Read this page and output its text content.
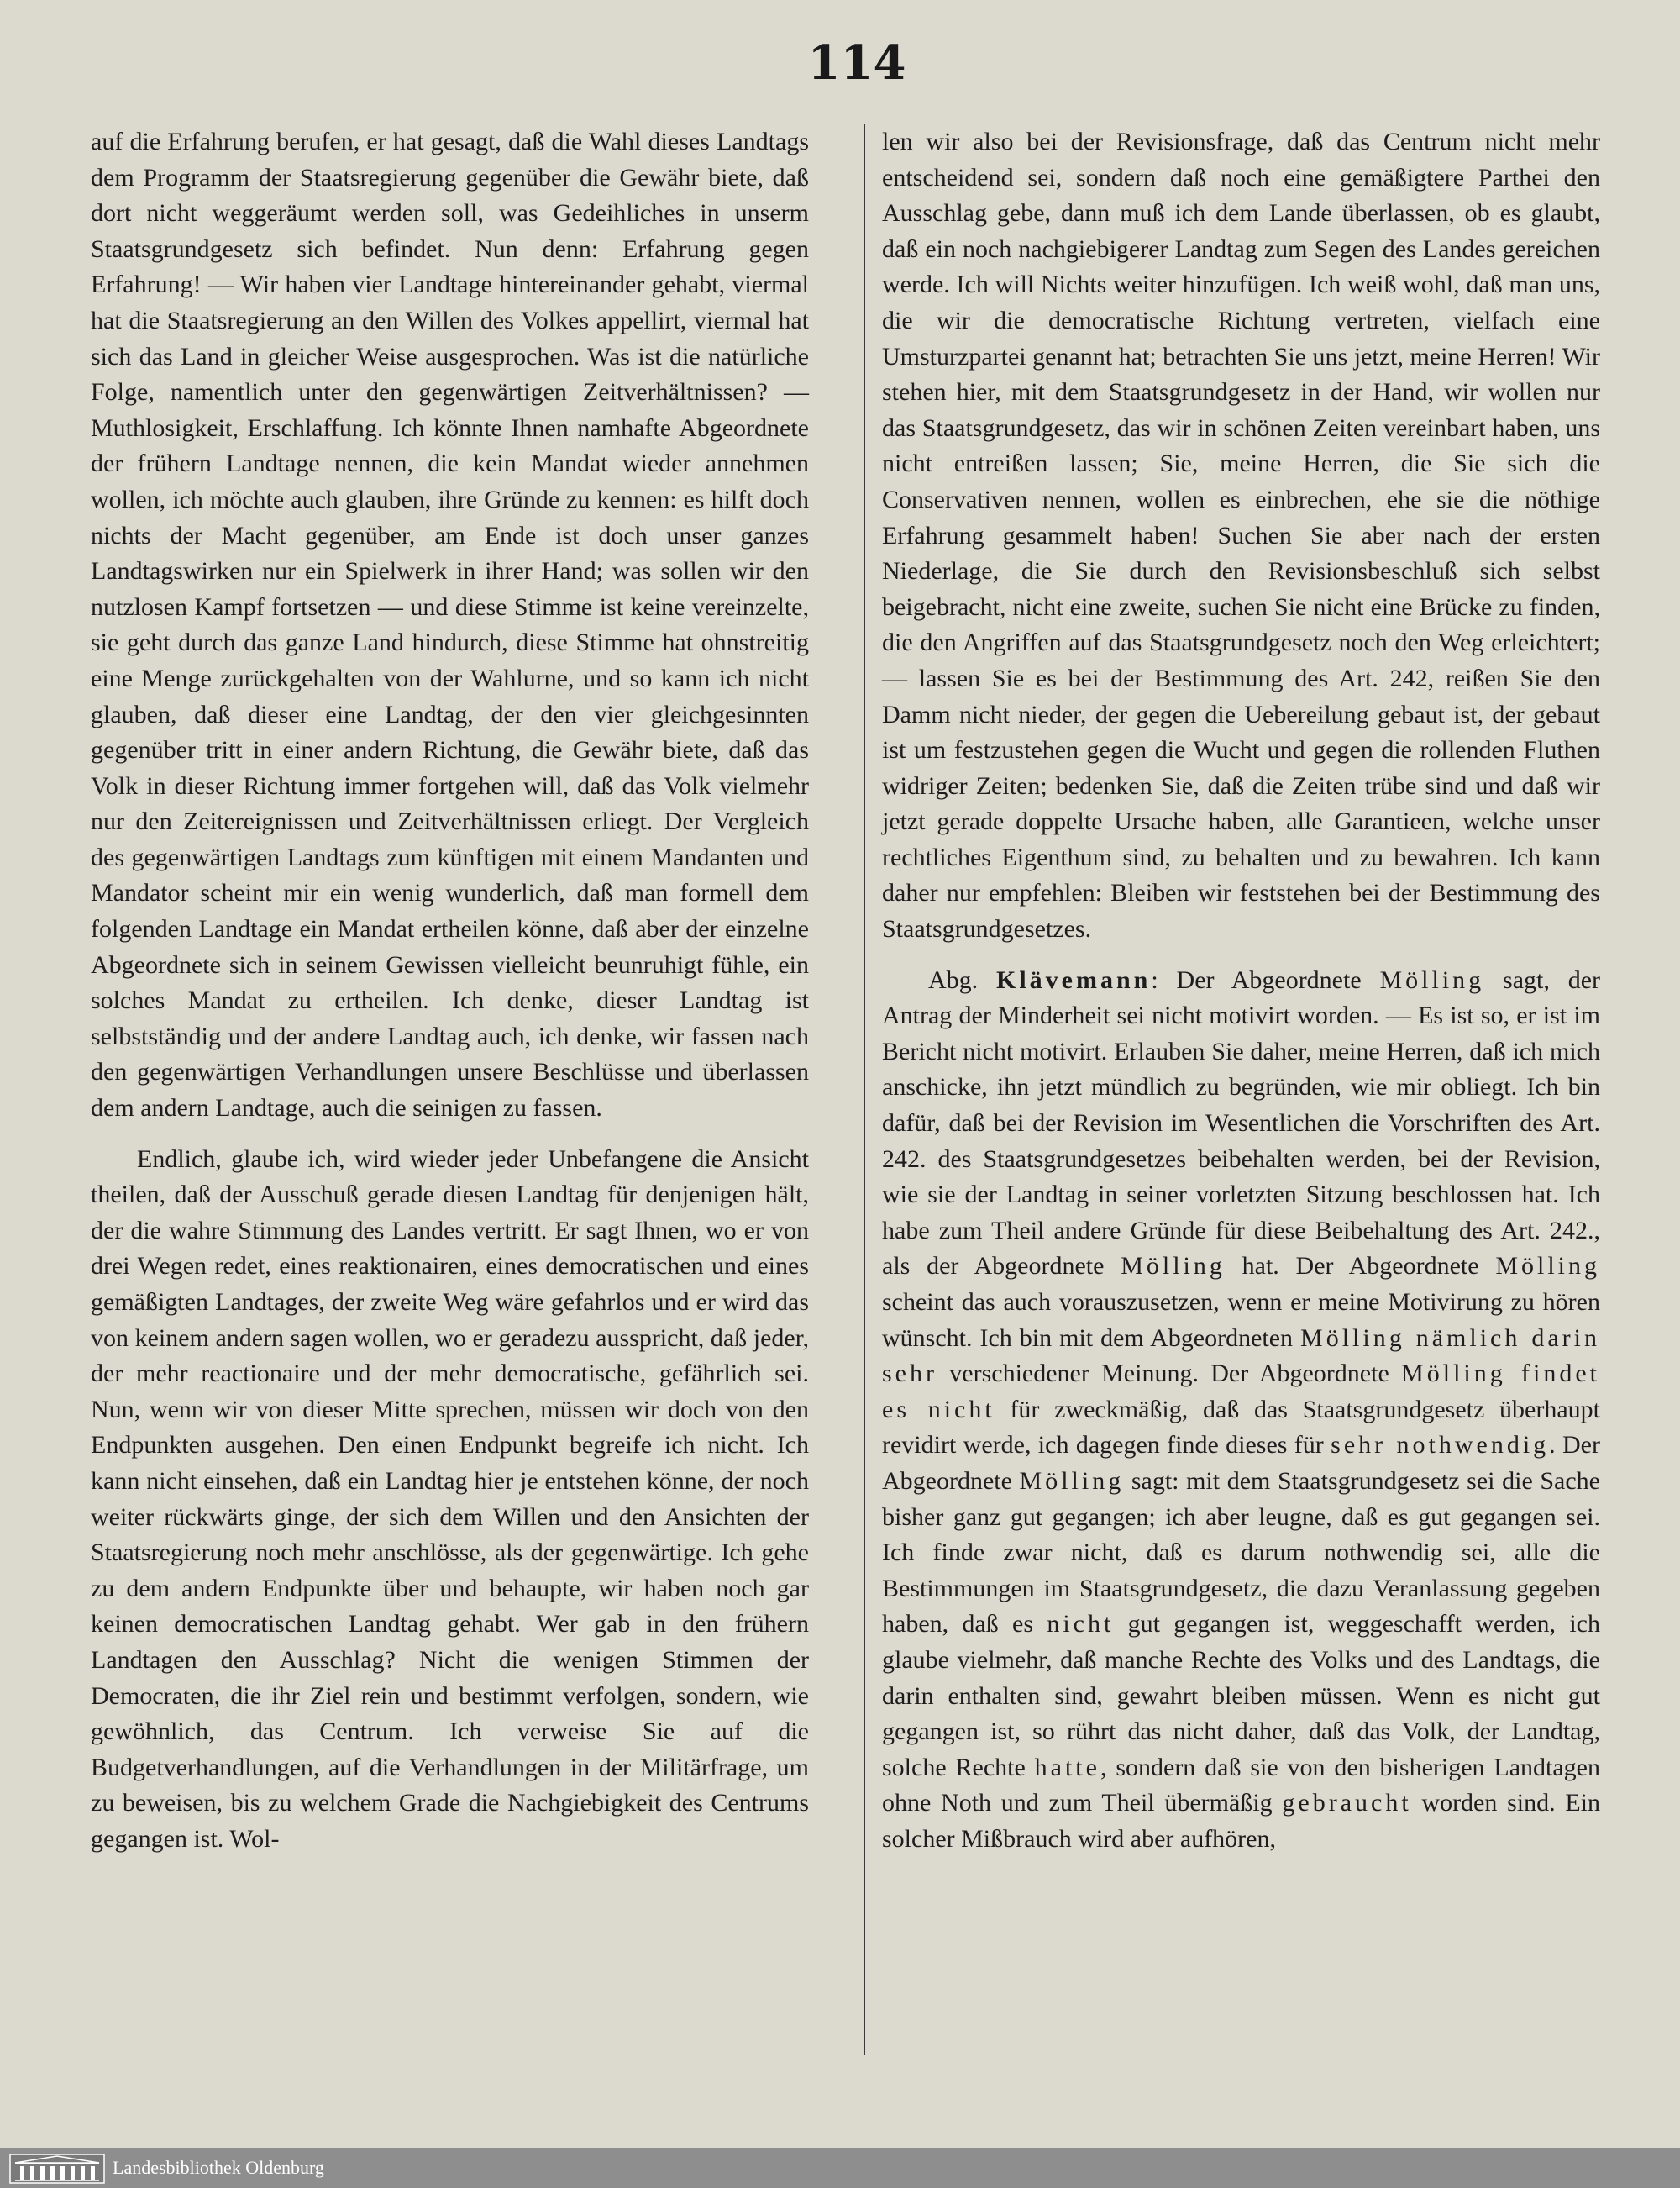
114

auf die Erfahrung berufen, er hat gesagt, daß die Wahl dieses Landtags dem Programm der Staatsregierung gegenüber die Gewähr biete, daß dort nicht weggeräumt werden soll, was Gedeihliches in unserm Staatsgrundgesetz sich befindet. Nun denn: Erfahrung gegen Erfahrung! — Wir haben vier Landtage hintereinander gehabt, viermal hat die Staatsregierung an den Willen des Volkes appellirt, viermal hat sich das Land in gleicher Weise ausgesprochen. Was ist die natürliche Folge, namentlich unter den gegenwärtigen Zeitverhältnissen? — Muthlosigkeit, Erschlaffung. Ich könnte Ihnen namhafte Abgeordnete der frühern Landtage nennen, die kein Mandat wieder annehmen wollen, ich möchte auch glauben, ihre Gründe zu kennen: es hilft doch nichts der Macht gegenüber, am Ende ist doch unser ganzes Landtagswirken nur ein Spielwerk in ihrer Hand; was sollen wir den nutzlosen Kampf fortsetzen — und diese Stimme ist keine vereinzelte, sie geht durch das ganze Land hindurch, diese Stimme hat ohnstreitig eine Menge zurückgehalten von der Wahlurne, und so kann ich nicht glauben, daß dieser eine Landtag, der den vier gleichgesinnten gegenüber tritt in einer andern Richtung, die Gewähr biete, daß das Volk in dieser Richtung immer fortgehen will, daß das Volk vielmehr nur den Zeitereignissen und Zeitverhältnissen erliegt. Der Vergleich des gegenwärtigen Landtags zum künftigen mit einem Mandanten und Mandator scheint mir ein wenig wunderlich, daß man formell dem folgenden Landtage ein Mandat ertheilen könne, daß aber der einzelne Abgeordnete sich in seinem Gewissen vielleicht beunruhigt fühle, ein solches Mandat zu ertheilen. Ich denke, dieser Landtag ist selbstständig und der andere Landtag auch, ich denke, wir fassen nach den gegenwärtigen Verhandlungen unsere Beschlüsse und überlassen dem andern Landtage, auch die seinigen zu fassen.

Endlich, glaube ich, wird wieder jeder Unbefangene die Ansicht theilen, daß der Ausschuß gerade diesen Landtag für denjenigen hält, der die wahre Stimmung des Landes vertritt. Er sagt Ihnen, wo er von drei Wegen redet, eines reaktionairen, eines democratischen und eines gemäßigten Landtages, der zweite Weg wäre gefahrlos und er wird das von keinem andern sagen wollen, wo er geradezu ausspricht, daß jeder, der mehr reactionaire und der mehr democratische, gefährlich sei. Nun, wenn wir von dieser Mitte sprechen, müssen wir doch von den Endpunkten ausgehen. Den einen Endpunkt begreife ich nicht. Ich kann nicht einsehen, daß ein Landtag hier je entstehen könne, der noch weiter rückwärts ginge, der sich dem Willen und den Ansichten der Staatsregierung noch mehr anschlösse, als der gegenwärtige. Ich gehe zu dem andern Endpunkte über und behaupte, wir haben noch gar keinen democratischen Landtag gehabt. Wer gab in den frühern Landtagen den Ausschlag? Nicht die wenigen Stimmen der Democraten, die ihr Ziel rein und bestimmt verfolgen, sondern, wie gewöhnlich, das Centrum. Ich verweise Sie auf die Budgetverhandlungen, auf die Verhandlungen in der Militärfrage, um zu beweisen, bis zu welchem Grade die Nachgiebigkeit des Centrums gegangen ist. Wol-

len wir also bei der Revisionsfrage, daß das Centrum nicht mehr entscheidend sei, sondern daß noch eine gemäßigtere Parthei den Ausschlag gebe, dann muß ich dem Lande überlassen, ob es glaubt, daß ein noch nachgiebigerer Landtag zum Segen des Landes gereichen werde. Ich will Nichts weiter hinzufügen. Ich weiß wohl, daß man uns, die wir die democratische Richtung vertreten, vielfach eine Umsturzpartei genannt hat; betrachten Sie uns jetzt, meine Herren! Wir stehen hier, mit dem Staatsgrundgesetz in der Hand, wir wollen nur das Staatsgrundgesetz, das wir in schönen Zeiten vereinbart haben, uns nicht entreißen lassen; Sie, meine Herren, die Sie sich die Conservativen nennen, wollen es einbrechen, ehe sie die nöthige Erfahrung gesammelt haben! Suchen Sie aber nach der ersten Niederlage, die Sie durch den Revisionsbeschluß sich selbst beigebracht, nicht eine zweite, suchen Sie nicht eine Brücke zu finden, die den Angriffen auf das Staatsgrundgesetz noch den Weg erleichtert; — lassen Sie es bei der Bestimmung des Art. 242, reißen Sie den Damm nicht nieder, der gegen die Uebereilung gebaut ist, der gebaut ist um festzustehen gegen die Wucht und gegen die rollenden Fluthen widriger Zeiten; bedenken Sie, daß die Zeiten trübe sind und daß wir jetzt gerade doppelte Ursache haben, alle Garantieen, welche unser rechtliches Eigenthum sind, zu behalten und zu bewahren. Ich kann daher nur empfehlen: Bleiben wir feststehen bei der Bestimmung des Staatsgrundgesetzes.

Abg. Klävemann: Der Abgeordnete Mölling sagt, der Antrag der Minderheit sei nicht motivirt worden. — Es ist so, er ist im Bericht nicht motivirt. Erlauben Sie daher, meine Herren, daß ich mich anschicke, ihn jetzt mündlich zu begründen, wie mir obliegt. Ich bin dafür, daß bei der Revision im Wesentlichen die Vorschriften des Art. 242. des Staatsgrundgesetzes beibehalten werden, bei der Revision, wie sie der Landtag in seiner vorletzten Sitzung beschlossen hat. Ich habe zum Theil andere Gründe für diese Beibehaltung des Art. 242., als der Abgeordnete Mölling hat. Der Abgeordnete Mölling scheint das auch vorauszusetzen, wenn er meine Motivirung zu hören wünscht. Ich bin mit dem Abgeordneten Mölling nämlich darin sehr verschiedener Meinung. Der Abgeordnete Mölling findet es nicht für zweckmäßig, daß das Staatsgrundgesetz überhaupt revidirt werde, ich dagegen finde dieses für sehr nothwendig. Der Abgeordnete Mölling sagt: mit dem Staatsgrundgesetz sei die Sache bisher ganz gut gegangen; ich aber leugne, daß es gut gegangen sei. Ich finde zwar nicht, daß es darum nothwendig sei, alle die Bestimmungen im Staatsgrundgesetz, die dazu Veranlassung gegeben haben, daß es nicht gut gegangen ist, weggeschafft werden, ich glaube vielmehr, daß manche Rechte des Volks und des Landtags, die darin enthalten sind, gewahrt bleiben müssen. Wenn es nicht gut gegangen ist, so rührt das nicht daher, daß das Volk, der Landtag, solche Rechte hatte, sondern daß sie von den bisherigen Landtagen ohne Noth und zum Theil übermäßig gebraucht worden sind. Ein solcher Mißbrauch wird aber aufhören,

Landesbibliothek Oldenburg
